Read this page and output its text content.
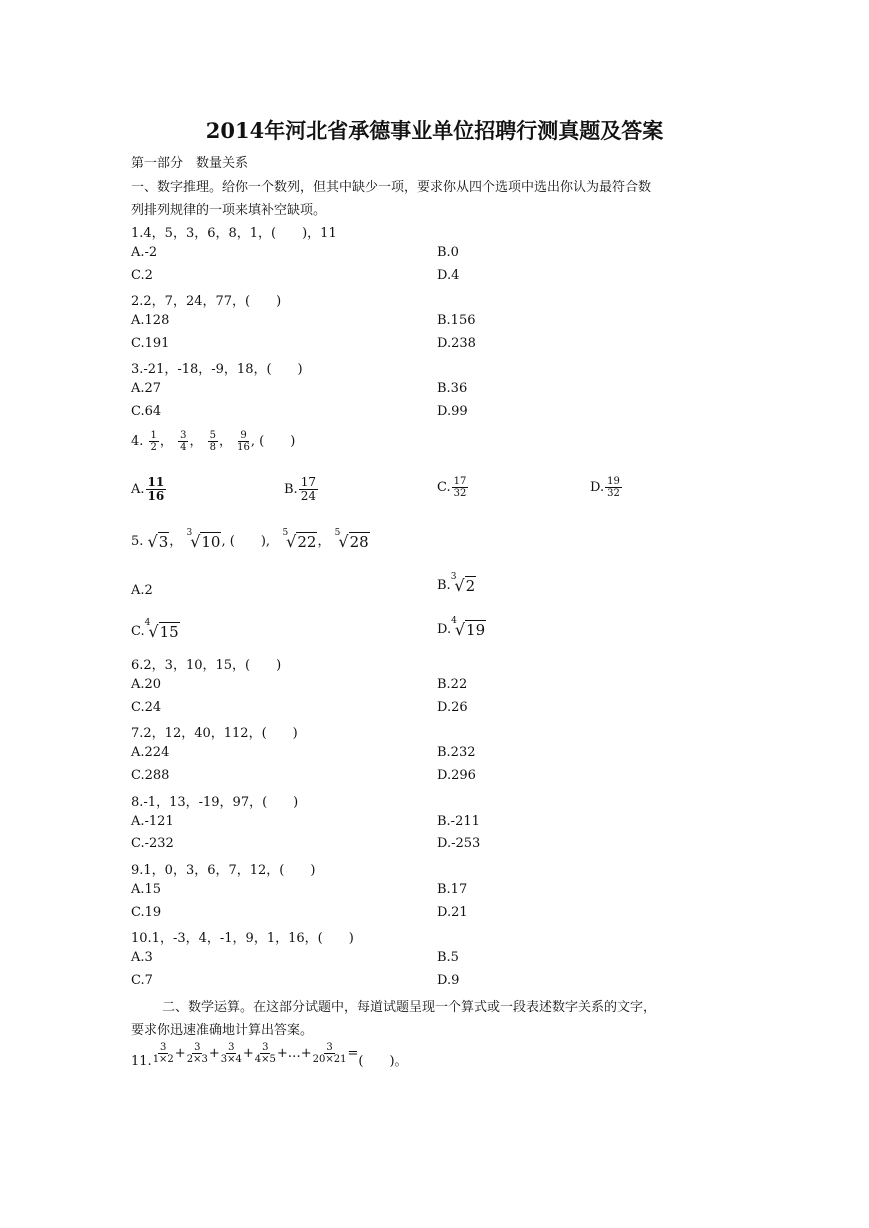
2014年河北省承德事业单位招聘行测真题及答案
第一部分　数量关系
一、数字推理。给你一个数列，但其中缺少一项，要求你从四个选项中选出你认为最符合数
列排列规律的一项来填补空缺项。
1.4，5，3，6，8，1，(　　)，11
A.-2	B.0
C.2	D.4
2.2，7，24，77，(　　)
A.128	B.156
C.191	D.238
3.-21，-18，-9，18，(　　)
A.27	B.36
C.64	D.99
4. $\frac{1}{2}$ ， $\frac{3}{4}$ ， $\frac{5}{8}$ ， $\frac{9}{16}$ , (　　)
A. $\frac{11}{16}$	B. $\frac{17}{24}$	C. $\frac{17}{32}$	D. $\frac{19}{32}$
5. √ 3 ，
3
√ 10 , (　　),
5
√ 22 ，
5
√ 28
A.2	B.
3
√ 2
C.
4
√ 15	D.
4
√ 19
6.2，3，10，15，(　　)
A.20	B.22
C.24	D.26
7.2，12，40，112，(　　)
A.224	B.232
C.288	D.296
8.-1，13，-19，97，(　　)
A.-121	B.-211
C.-232	D.-253
9.1，0，3，6，7，12，(　　)
A.15	B.17
C.19	D.21
10.1，-3，4，-1，9，1，16，(　　)
A.3	B.5
C.7	D.9
二、数学运算。在这部分试题中，每道试题呈现一个算式或一段表述数字关系的文字，
要求你迅速准确地计算出答案。
11. $\frac{3}{1\times 2} + \frac{3}{2\times 3} + \frac{3}{3\times 4} + \frac{3}{4\times 5}$ +…+ $\frac{3}{20\times 21}$ =(　　)。
